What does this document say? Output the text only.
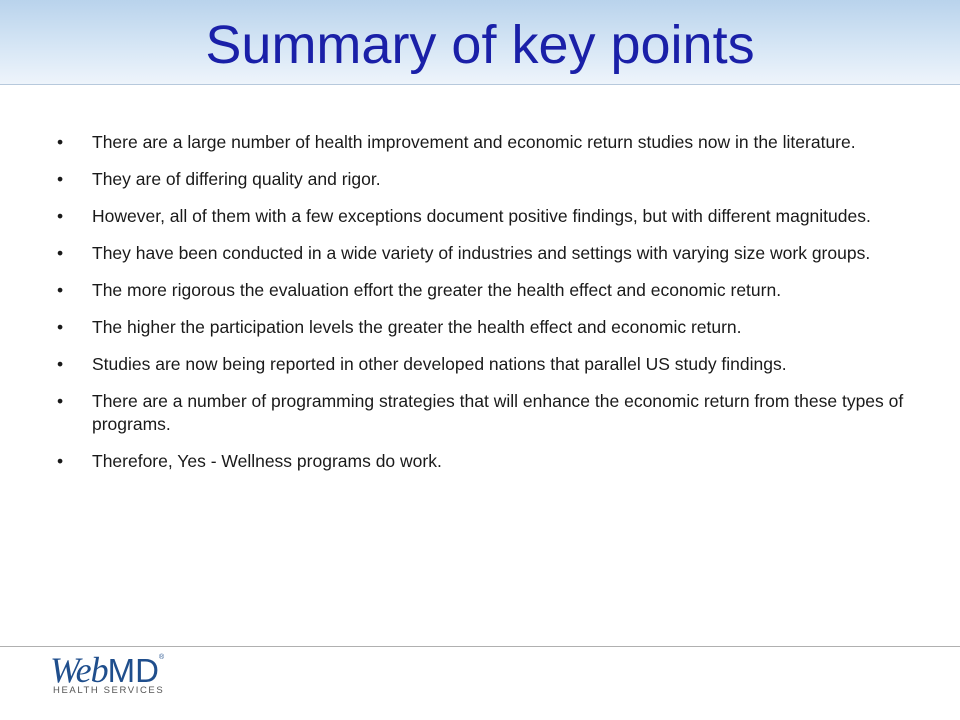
Summary of key points
•	There are a large number of health improvement and economic return studies now in the literature.
•	They are of differing quality and rigor.
•	However, all of them with a few exceptions document positive findings, but with different magnitudes.
•	They have been conducted in a wide variety of industries and settings with varying size work groups.
•	The more rigorous the evaluation effort the greater the health effect and economic return.
•	The higher the participation levels the greater the health effect and economic return.
•	Studies are now being reported in other developed nations that parallel US study findings.
•	There are a number of programming strategies that will enhance the economic return from these types of programs.
•	Therefore, Yes - Wellness programs do work.
WebMD ®
HEALTH SERVICES
